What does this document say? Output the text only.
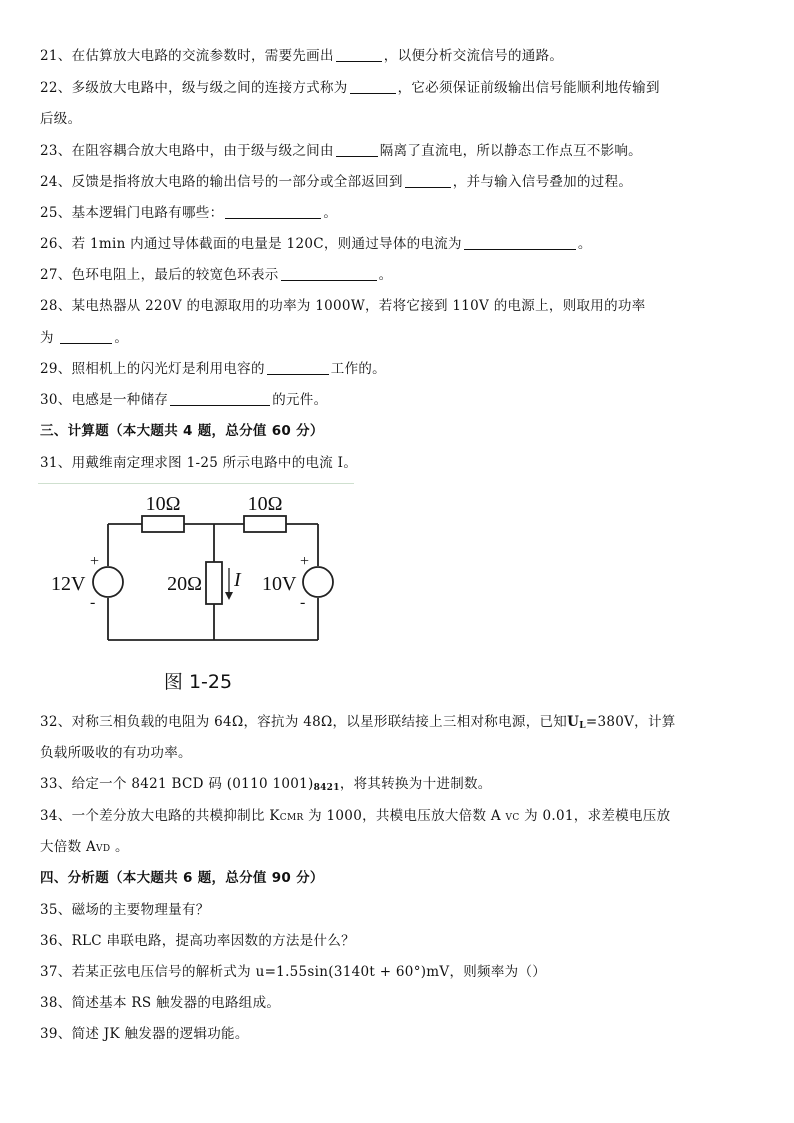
21、在估算放大电路的交流参数时，需要先画出	，以便分析交流信号的通路。
22、多级放大电路中，级与级之间的连接方式称为	，它必须保证前级输出信号能顺利地传输到
后级。
23、在阻容耦合放大电路中，由于级与级之间由	隔离了直流电，所以静态工作点互不影响。
24、反馈是指将放大电路的输出信号的一部分或全部返回到	，并与输入信号叠加的过程。
25、基本逻辑门电路有哪些：	。
26、若 1min 内通过导体截面的电量是 120C，则通过导体的电流为	。
27、色环电阻上，最后的较宽色环表示	。
28、某电热器从 220V 的电源取用的功率为 1000W，若将它接到 110V 的电源上，则取用的功率
为	。
29、照相机上的闪光灯是利用电容的	工作的。
30、电感是一种储存	的元件。
三、计算题（本大题共 4 题，总分值 60 分）
31、用戴维南定理求图 1-25 所示电路中的电流 I。
10Ω	10Ω
20Ω I
12V	10V
+
-
+
-
图 1-25
32、对称三相负载的电阻为 64Ω，容抗为 48Ω，以星形联结接上三相对称电源，已知UL=380V，计算
负载所吸收的有功功率。
33、给定一个 8421 BCD 码 (0110 1001)8421，将其转换为十进制数。
34、一个差分放大电路的共模抑制比 KCMR 为 1000，共模电压放大倍数 A VC 为 0.01，求差模电压放
大倍数 AVD 。
四、分析题（本大题共 6 题，总分值 90 分）
35、磁场的主要物理量有？
36、RLC 串联电路，提高功率因数的方法是什么？
37、若某正弦电压信号的解析式为 u=1.55sin(3140t + 60°)mV，则频率为（）
38、简述基本 RS 触发器的电路组成。
39、简述 JK 触发器的逻辑功能。
